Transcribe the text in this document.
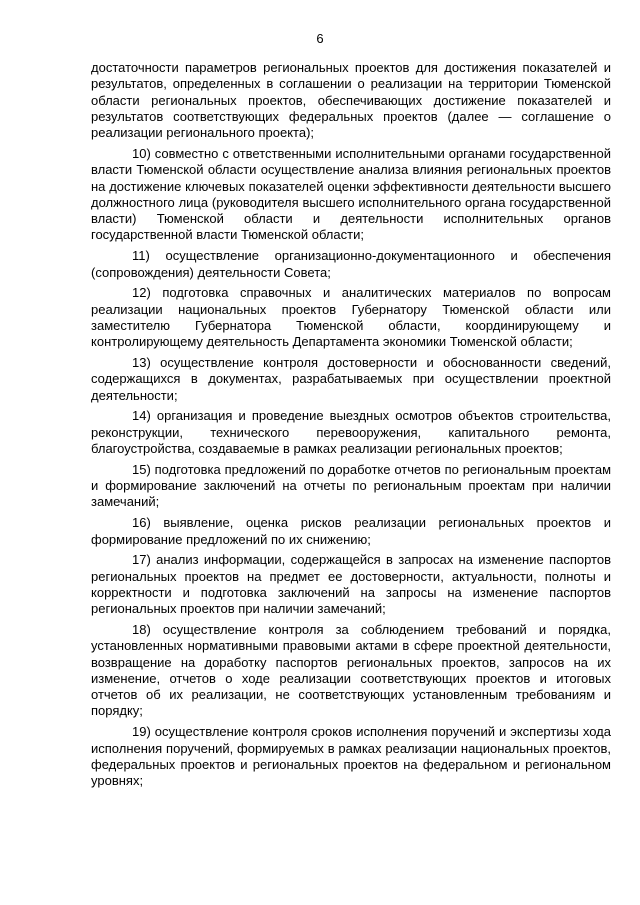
6

достаточности параметров региональных проектов для достижения показателей и результатов, определенных в соглашении о реализации на территории Тюменской области региональных проектов, обеспечивающих достижение показателей и результатов соответствующих федеральных проектов (далее — соглашение о реализации регионального проекта);

10) совместно с ответственными исполнительными органами государственной власти Тюменской области осуществление анализа влияния региональных проектов на достижение ключевых показателей оценки эффективности деятельности высшего должностного лица (руководителя высшего исполнительного органа государственной власти) Тюменской области и деятельности исполнительных органов государственной власти Тюменской области;

11) осуществление организационно-документационного и обеспечения (сопровождения) деятельности Совета;

12) подготовка справочных и аналитических материалов по вопросам реализации национальных проектов Губернатору Тюменской области или заместителю Губернатора Тюменской области, координирующему и контролирующему деятельность Департамента экономики Тюменской области;

13) осуществление контроля достоверности и обоснованности сведений, содержащихся в документах, разрабатываемых при осуществлении проектной деятельности;

14) организация и проведение выездных осмотров объектов строительства, реконструкции, технического перевооружения, капитального ремонта, благоустройства, создаваемые в рамках реализации региональных проектов;

15) подготовка предложений по доработке отчетов по региональным проектам и формирование заключений на отчеты по региональным проектам при наличии замечаний;

16) выявление, оценка рисков реализации региональных проектов и формирование предложений по их снижению;

17) анализ информации, содержащейся в запросах на изменение паспортов региональных проектов на предмет ее достоверности, актуальности, полноты и корректности и подготовка заключений на запросы на изменение паспортов региональных проектов при наличии замечаний;

18) осуществление контроля за соблюдением требований и порядка, установленных нормативными правовыми актами в сфере проектной деятельности, возвращение на доработку паспортов региональных проектов, запросов на их изменение, отчетов о ходе реализации соответствующих проектов и итоговых отчетов об их реализации, не соответствующих установленным требованиям и порядку;

19) осуществление контроля сроков исполнения поручений и экспертизы хода исполнения поручений, формируемых в рамках реализации национальных проектов, федеральных проектов и региональных проектов на федеральном и региональном уровнях;
